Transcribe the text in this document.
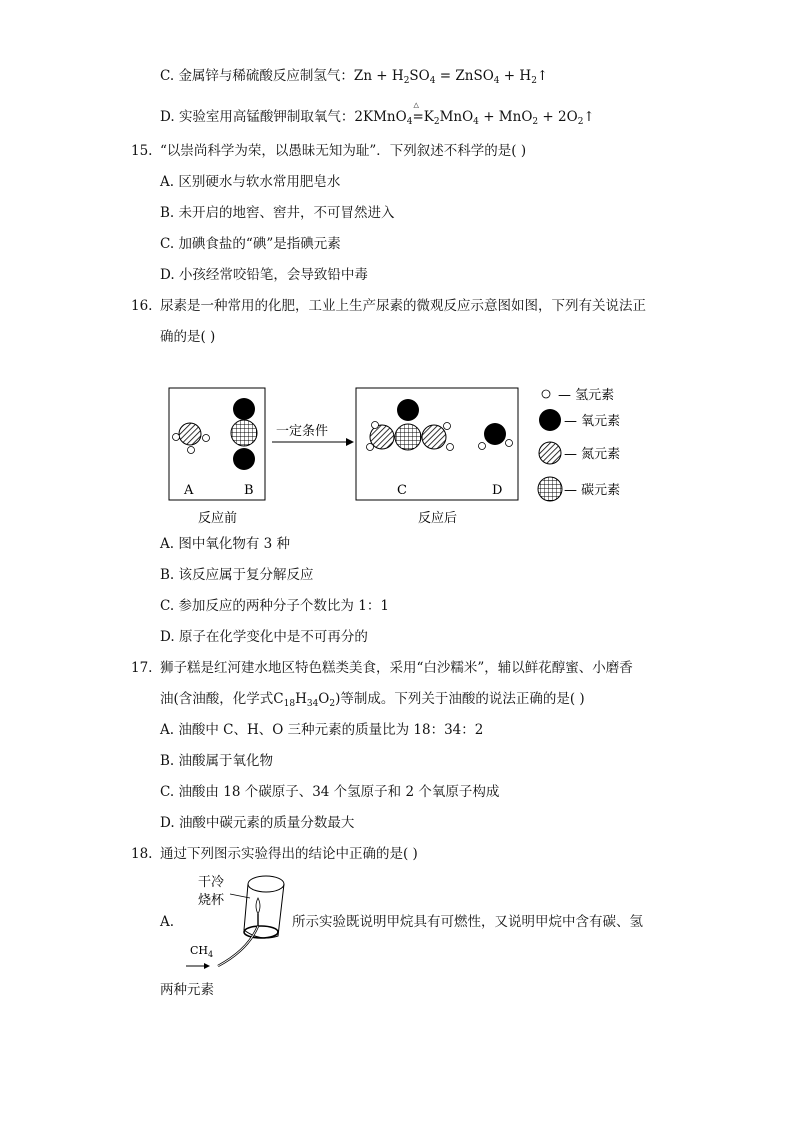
C. 金属锌与稀硫酸反应制氢气：$Zn + H_2SO_4$ = ZnSO$_4$ + $H_2↑$
D. 实验室用高锰酸钾制取氧气：2KMnO$_4$
△
$=K_2MnO_4 + MnO_2$ + $2O_2↑$
15. “以崇尚科学为荣，以愚昧无知为耻”．下列叙述不科学的是( )
A. 区别硬水与软水常用肥皂水
B. 未开启的地窖、窖井，不可冒然进入
C. 加碘食盐的“碘”是指碘元素
D. 小孩经常咬铅笔，会导致铅中毒
16. 尿素是一种常用的化肥，工业上生产尿素的微观反应示意图如图，下列有关说法正
确的是( )
A	B
一定条件
C	D
— 氢元素
— 氧元素
— 氮元素
— 碳元素
反应前	反应后
A. 图中氧化物有 3 种
B. 该反应属于复分解反应
C. 参加反应的两种分子个数比为 1：1
D. 原子在化学变化中是不可再分的
17. 狮子糕是红河建水地区特色糕类美食，采用“白沙糯米”，辅以鲜花醇蜜、小磨香
油(含油酸，化学式$C_{18}H_{34}O_2$)等制成。下列关于油酸的说法正确的是( )
A. 油酸中 C、H、O 三种元素的质量比为 18：34：2
B. 油酸属于氧化物
C. 油酸由 18 个碳原子、34 个氢原子和 2 个氧原子构成
D. 油酸中碳元素的质量分数最大
18. 通过下列图示实验得出的结论中正确的是( )
A.
干冷
烧杯
$CH_4$
所示实验既说明甲烷具有可燃性，又说明甲烷中含有碳、氢
两种元素
